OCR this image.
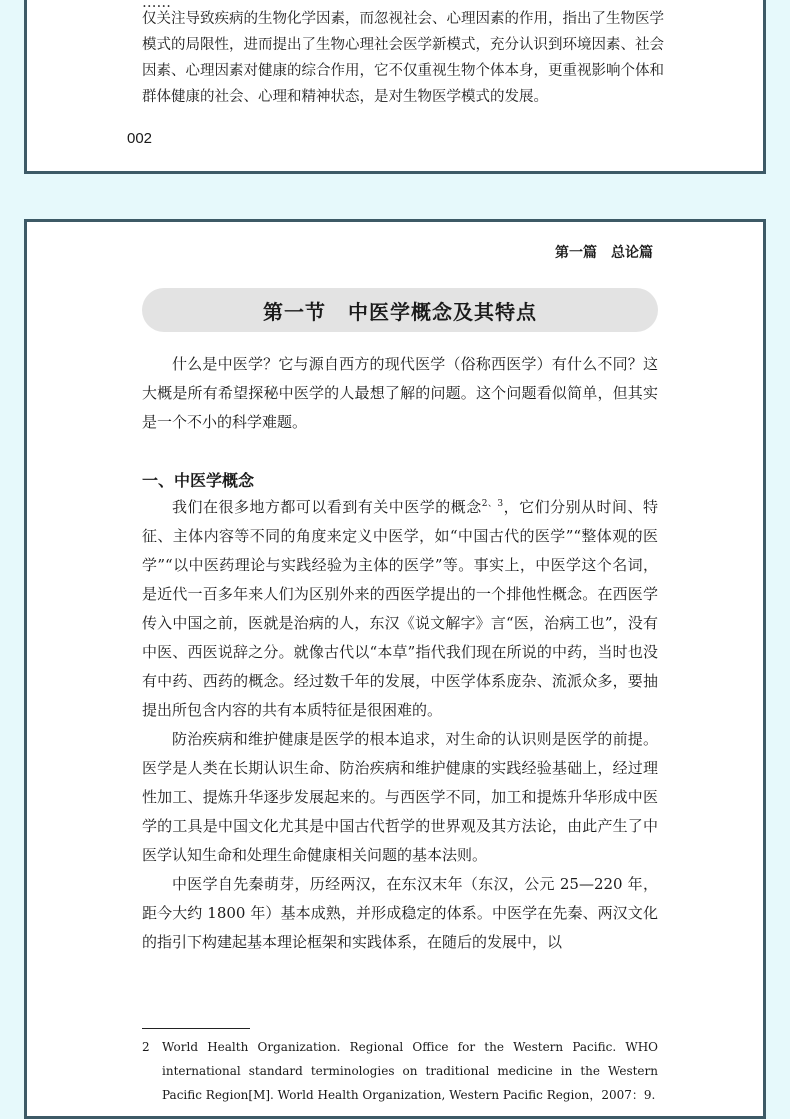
……
仅关注导致疾病的生物化学因素，而忽视社会、心理因素的作用，指出了生物医学
模式的局限性，进而提出了生物心理社会医学新模式，充分认识到环境因素、社会
因素、心理因素对健康的综合作用，它不仅重视生物个体本身，更重视影响个体和
群体健康的社会、心理和精神状态，是对生物医学模式的发展。
002
第一篇　总论篇
第一节 中医学概念及其特点

什么是中医学？它与源自西方的现代医学（俗称西医学）有什么不同？这大概是所有希望探秘中医学的人最想了解的问题。这个问题看似简单，但其实是一个不小的科学难题。

一、中医学概念

我们在很多地方都可以看到有关中医学的概念$^{2、3}$，它们分别从时间、特征、主体内容等不同的角度来定义中医学，如“中国古代的医学”“整体观的医学”“以中医药理论与实践经验为主体的医学”等。事实上，中医学这个名词，是近代一百多年来人们为区别外来的西医学提出的一个排他性概念。在西医学传入中国之前，医就是治病的人，东汉《说文解字》言“医，治病工也”，没有中医、西医说辞之分。就像古代以“本草”指代我们现在所说的中药，当时也没有中药、西药的概念。经过数千年的发展，中医学体系庞杂、流派众多，要抽提出所包含内容的共有本质特征是很困难的。

防治疾病和维护健康是医学的根本追求，对生命的认识则是医学的前提。医学是人类在长期认识生命、防治疾病和维护健康的实践经验基础上，经过理性加工、提炼升华逐步发展起来的。与西医学不同，加工和提炼升华形成中医学的工具是中国文化尤其是中国古代哲学的世界观及其方法论，由此产生了中医学认知生命和处理生命健康相关问题的基本法则。

中医学自先秦萌芽，历经两汉，在东汉末年（东汉，公元 25—220 年，距今大约 1800 年）基本成熟，并形成稳定的体系。中医学在先秦、两汉文化的指引下构建起基本理论框架和实践体系，在随后的发展中，以

2 World Health Organization. Regional Office for the Western Pacific. WHO international standard terminologies on traditional medicine in the Western Pacific Region[M]. World Health Organization, Western Pacific Region，2007：9.
